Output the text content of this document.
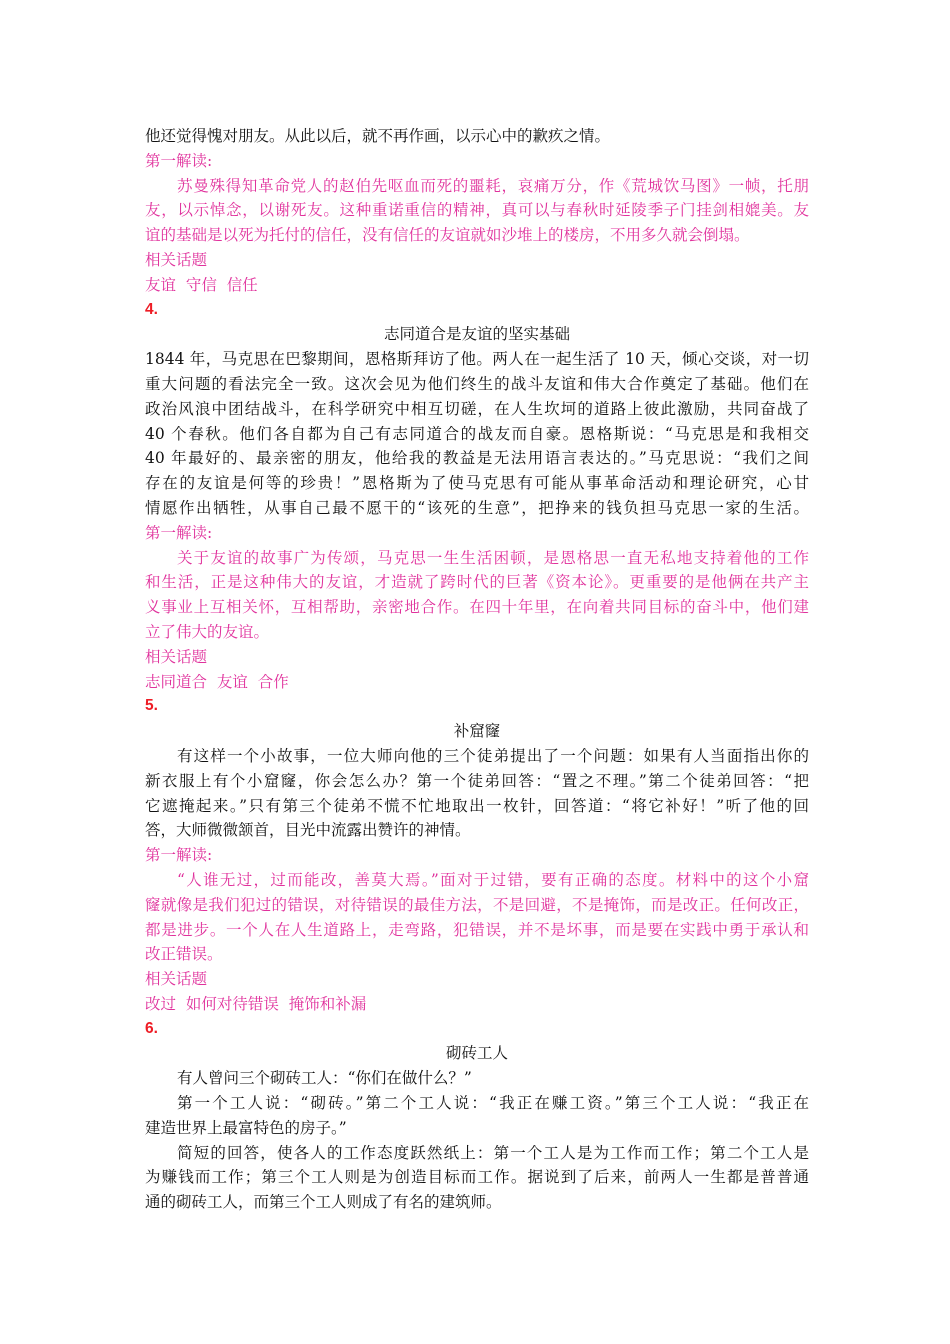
他还觉得愧对朋友。从此以后，就不再作画，以示心中的歉疚之情。

第一解读:

苏曼殊得知革命党人的赵伯先呕血而死的噩耗，哀痛万分，作《荒城饮马图》一帧，托朋

友，以示悼念，以谢死友。这种重诺重信的精神，真可以与春秋时延陵季子门挂剑相媲美。友

谊的基础是以死为托付的信任，没有信任的友谊就如沙堆上的楼房，不用多久就会倒塌。

相关话题

友谊  守信  信任

4.

志同道合是友谊的坚实基础

1844 年，马克思在巴黎期间，恩格斯拜访了他。两人在一起生活了 10 天，倾心交谈，对一切

重大问题的看法完全一致。这次会见为他们终生的战斗友谊和伟大合作奠定了基础。他们在

政治风浪中团结战斗，在科学研究中相互切磋，在人生坎坷的道路上彼此激励，共同奋战了

40 个春秋。他们各自都为自己有志同道合的战友而自豪。恩格斯说：“马克思是和我相交

40 年最好的、最亲密的朋友，他给我的教益是无法用语言表达的。”马克思说：“我们之间

存在的友谊是何等的珍贵！”恩格斯为了使马克思有可能从事革命活动和理论研究，心甘

情愿作出牺牲，从事自己最不愿干的“该死的生意”，把挣来的钱负担马克思一家的生活。

第一解读:

关于友谊的故事广为传颂，马克思一生生活困顿，是恩格思一直无私地支持着他的工作

和生活，正是这种伟大的友谊，才造就了跨时代的巨著《资本论》。更重要的是他俩在共产主

义事业上互相关怀，互相帮助，亲密地合作。在四十年里，在向着共同目标的奋斗中，他们建

立了伟大的友谊。

相关话题

志同道合  友谊  合作

5.

补窟窿

有这样一个小故事，一位大师向他的三个徒弟提出了一个问题：如果有人当面指出你的

新衣服上有个小窟窿，你会怎么办？第一个徒弟回答：“置之不理。”第二个徒弟回答：“把

它遮掩起来。”只有第三个徒弟不慌不忙地取出一枚针，回答道：“将它补好！”听了他的回

答，大师微微颔首，目光中流露出赞许的神情。

第一解读:

“人谁无过，过而能改，善莫大焉。”面对于过错，要有正确的态度。材料中的这个小窟

窿就像是我们犯过的错误，对待错误的最佳方法，不是回避，不是掩饰，而是改正。任何改正，

都是进步。一个人在人生道路上，走弯路，犯错误，并不是坏事，而是要在实践中勇于承认和

改正错误。

相关话题

改过  如何对待错误  掩饰和补漏

6.

砌砖工人

有人曾问三个砌砖工人：“你们在做什么？”

第一个工人说：“砌砖。”第二个工人说：“我正在赚工资。”第三个工人说：“我正在

建造世界上最富特色的房子。”

简短的回答，使各人的工作态度跃然纸上：第一个工人是为工作而工作；第二个工人是

为赚钱而工作；第三个工人则是为创造目标而工作。据说到了后来，前两人一生都是普普通

通的砌砖工人，而第三个工人则成了有名的建筑师。
